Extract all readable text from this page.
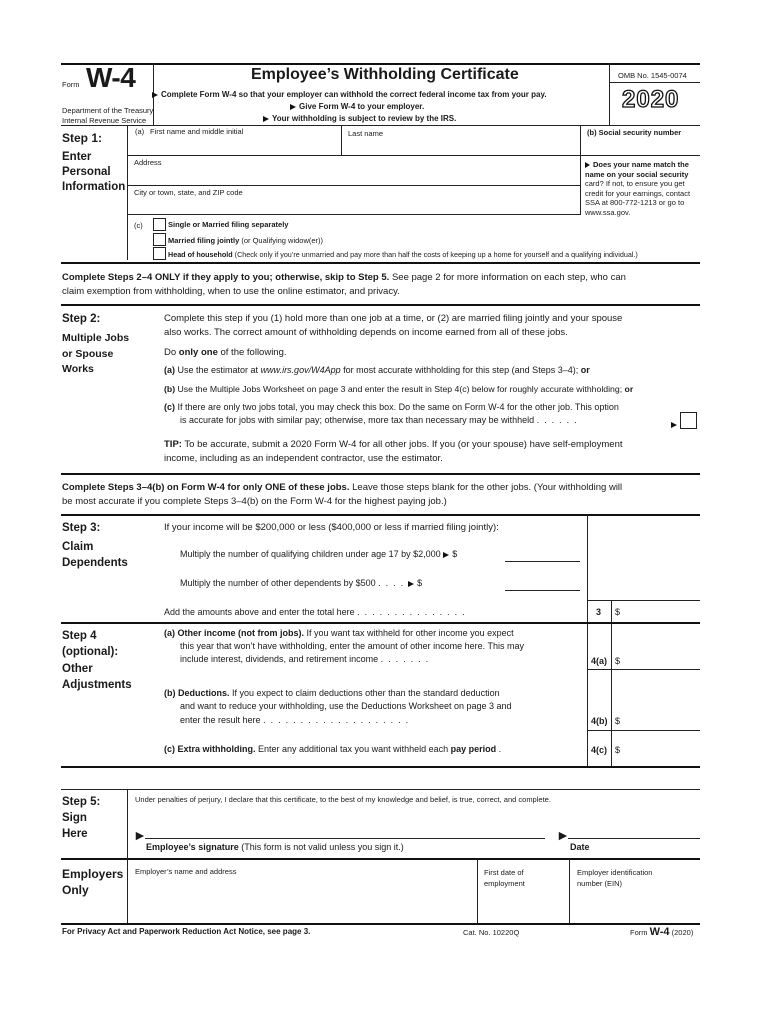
Form W-4
Department of the Treasury
Internal Revenue Service
Employee’s Withholding Certificate
Complete Form W-4 so that your employer can withhold the correct federal income tax from your pay.
Give Form W-4 to your employer.
Your withholding is subject to review by the IRS.
OMB No. 1545-0074
2020
Step 1:
Enter
Personal
Information
(a) First name and middle initial	Last name	(b) Social security number
Address
City or town, state, and ZIP code
Does your name match the
name on your social security
card? If not, to ensure you get
credit for your earnings, contact
SSA at 800-772-1213 or go to
www.ssa.gov.
(c)	Single or Married filing separately
Married filing jointly (or Qualifying widow(er))
Head of household (Check only if you’re unmarried and pay more than half the costs of keeping up a home for yourself and a qualifying individual.)
Complete Steps 2–4 ONLY if they apply to you; otherwise, skip to Step 5. See page 2 for more information on each step, who can
claim exemption from withholding, when to use the online estimator, and privacy.
Step 2:
Multiple Jobs
or Spouse
Works
Complete this step if you (1) hold more than one job at a time, or (2) are married filing jointly and your spouse
also works. The correct amount of withholding depends on income earned from all of these jobs.
Do only one of the following.
(a) Use the estimator at www.irs.gov/W4App for most accurate withholding for this step (and Steps 3–4); or
(b) Use the Multiple Jobs Worksheet on page 3 and enter the result in Step 4(c) below for roughly accurate withholding; or
(c) If there are only two jobs total, you may check this box. Do the same on Form W-4 for the other job. This option
is accurate for jobs with similar pay; otherwise, more tax than necessary may be withheld ......
TIP: To be accurate, submit a 2020 Form W-4 for all other jobs. If you (or your spouse) have self-employment
income, including as an independent contractor, use the estimator.
Complete Steps 3–4(b) on Form W-4 for only ONE of these jobs. Leave those steps blank for the other jobs. (Your withholding will
be most accurate if you complete Steps 3–4(b) on the Form W-4 for the highest paying job.)
Step 3:
Claim
Dependents
If your income will be $200,000 or less ($400,000 or less if married filing jointly):
Multiply the number of qualifying children under age 17 by $2,000 $
Multiply the number of other dependents by $500 .... $
Add the amounts above and enter the total here ...............	3 $
Step 4
(optional):
Other
Adjustments
(a) Other income (not from jobs). If you want tax withheld for other income you expect
this year that won’t have withholding, enter the amount of other income here. This may
include interest, dividends, and retirement income .......	4(a) $
(b) Deductions. If you expect to claim deductions other than the standard deduction
and want to reduce your withholding, use the Deductions Worksheet on page 3 and
enter the result here ....................	4(b) $
(c) Extra withholding. Enter any additional tax you want withheld each pay period .	4(c) $
Step 5:
Sign
Here
Under penalties of perjury, I declare that this certificate, to the best of my knowledge and belief, is true, correct, and complete.
►
Employee’s signature (This form is not valid unless you sign it.)
►
Date
Employers
Only
Employer’s name and address	First date of
employment
Employer identification
number (EIN)
For Privacy Act and Paperwork Reduction Act Notice, see page 3.	Cat. No. 10220Q	Form W-4 (2020)
